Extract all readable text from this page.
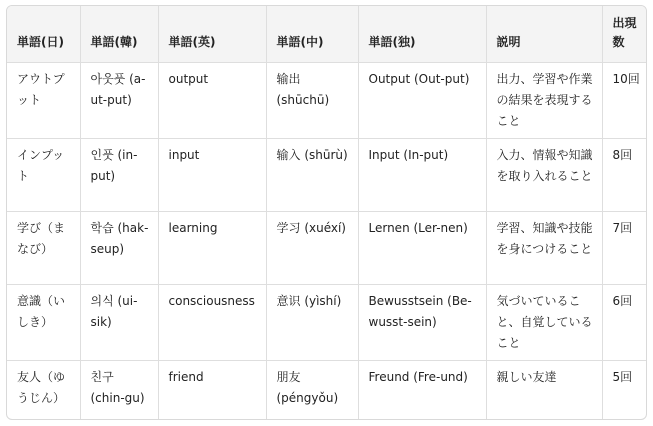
単語(日)	単語(韓)	単語(英)	単語(中)	単語(独)	説明	出現数
アウトプット	아웃풋 (a-ut-put)	output	输出 (shūchū)	Output (Out-put)	出力、学習や作業の結果を表現すること	10回
インプット	인풋 (in-put)	input	输入 (shūrù)	Input (In-put)	入力、情報や知識を取り入れること	8回
学び（まなび）	학습 (hak-seup)	learning	学习 (xuéxí)	Lernen (Ler-nen)	学習、知識や技能を身につけること	7回
意識（いしき）	의식 (ui-sik)	consciousness	意识 (yìshí)	Bewusstsein (Be-wusst-sein)	気づいていること、自覚していること	6回
友人（ゆうじん）	친구 (chin-gu)	friend	朋友 (péngyǒu)	Freund (Fre-und)	親しい友達	5回
